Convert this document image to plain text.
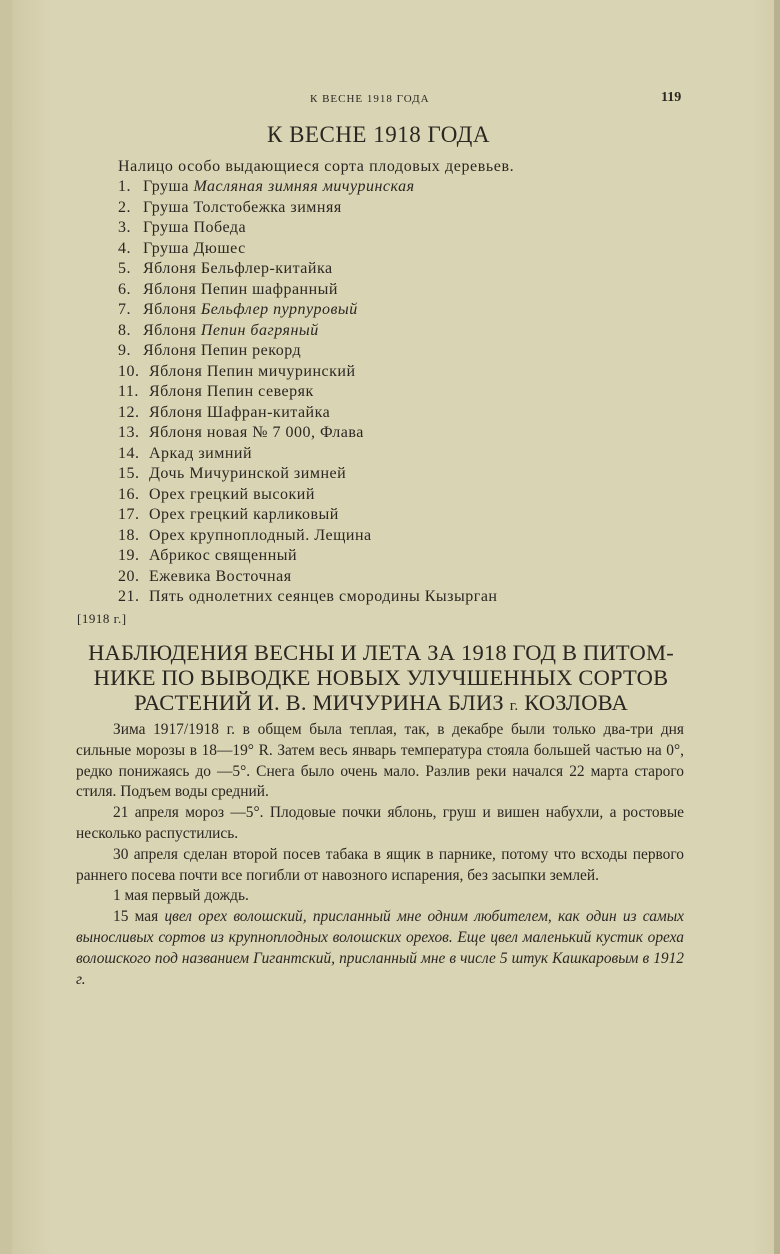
К ВЕСНЕ 1918 ГОДА	119
К ВЕСНЕ 1918 ГОДА
Налицо особо выдающиеся сорта плодовых деревьев.
1. Груша Масляная зимняя мичуринская
2. Груша Толстобежка зимняя
3. Груша Победа
4. Груша Дюшес
5. Яблоня Бельфлер-китайка
6. Яблоня Пепин шафранный
7. Яблоня Бельфлер пурпуровый
8. Яблоня Пепин багряный
9. Яблоня Пепин рекорд
10. Яблоня Пепин мичуринский
11. Яблоня Пепин северяк
12. Яблоня Шафран-китайка
13. Яблоня новая № 7 000, Флава
14. Аркад зимний
15. Дочь Мичуринской зимней
16. Орех грецкий высокий
17. Орех грецкий карликовый
18. Орех крупноплодный. Лещина
19. Абрикос священный
20. Ежевика Восточная
21. Пять однолетних сеянцев смородины Кызырган
[1918 г.]
НАБЛЮДЕНИЯ ВЕСНЫ И ЛЕТА ЗА 1918 ГОД В ПИТОМ-
НИКЕ ПО ВЫВОДКЕ НОВЫХ УЛУЧШЕННЫХ СОРТОВ
РАСТЕНИЙ И. В. МИЧУРИНА БЛИЗ г. КОЗЛОВА

Зима 1917/1918 г. в общем была теплая, так, в декабре были только два-три дня сильные морозы в 18—19° R. Затем весь январь температура стояла большей частью на 0°, редко понижаясь до —5°. Снега было очень мало. Разлив реки начался 22 марта старого стиля. Подъем воды средний.

21 апреля мороз —5°. Плодовые почки яблонь, груш и вишен набухли, а ростовые несколько распустились.

30 апреля сделан второй посев табака в ящик в парнике, потому что всходы первого раннего посева почти все погибли от навозного испарения, без засыпки землей.

1 мая первый дождь.

15 мая цвел орех волошский, присланный мне одним любителем, как один из самых выносливых сортов из крупноплодных волошских орехов. Еще цвел маленький кустик ореха волошского под названием Гигантский, присланный мне в числе 5 штук Кашкаровым в 1912 г.
